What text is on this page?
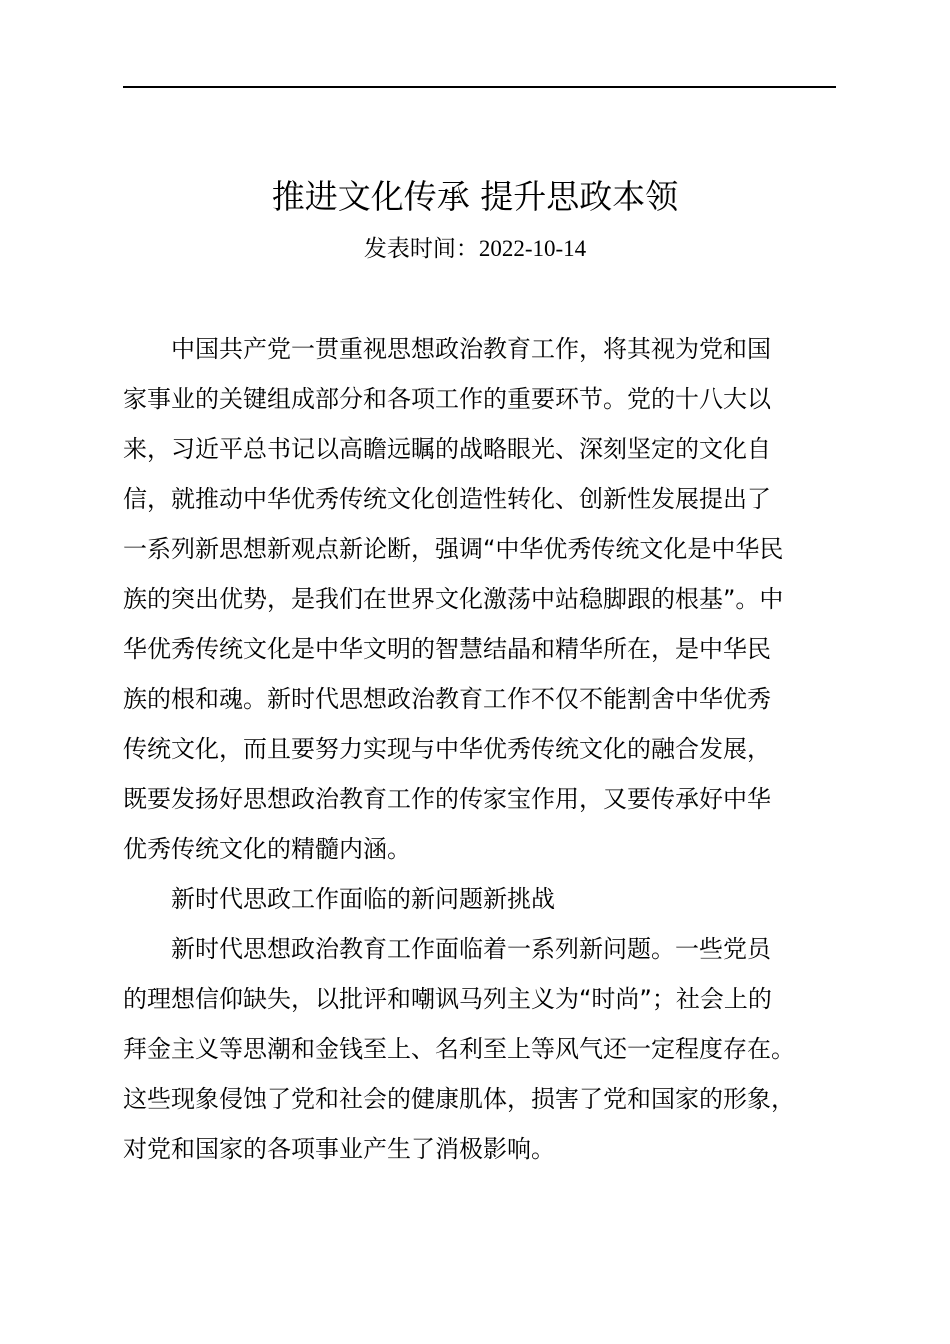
推进文化传承 提升思政本领
发表时间：2022-10-14

中国共产党一贯重视思想政治教育工作，将其视为党和国
家事业的关键组成部分和各项工作的重要环节。党的十八大以
来，习近平总书记以高瞻远瞩的战略眼光、深刻坚定的文化自
信，就推动中华优秀传统文化创造性转化、创新性发展提出了
一系列新思想新观点新论断，强调“中华优秀传统文化是中华民
族的突出优势，是我们在世界文化激荡中站稳脚跟的根基”。中
华优秀传统文化是中华文明的智慧结晶和精华所在，是中华民
族的根和魂。新时代思想政治教育工作不仅不能割舍中华优秀
传统文化，而且要努力实现与中华优秀传统文化的融合发展，
既要发扬好思想政治教育工作的传家宝作用，又要传承好中华
优秀传统文化的精髓内涵。

新时代思政工作面临的新问题新挑战

新时代思想政治教育工作面临着一系列新问题。一些党员
的理想信仰缺失，以批评和嘲讽马列主义为“时尚”；社会上的
拜金主义等思潮和金钱至上、名利至上等风气还一定程度存在。
这些现象侵蚀了党和社会的健康肌体，损害了党和国家的形象，
对党和国家的各项事业产生了消极影响。
